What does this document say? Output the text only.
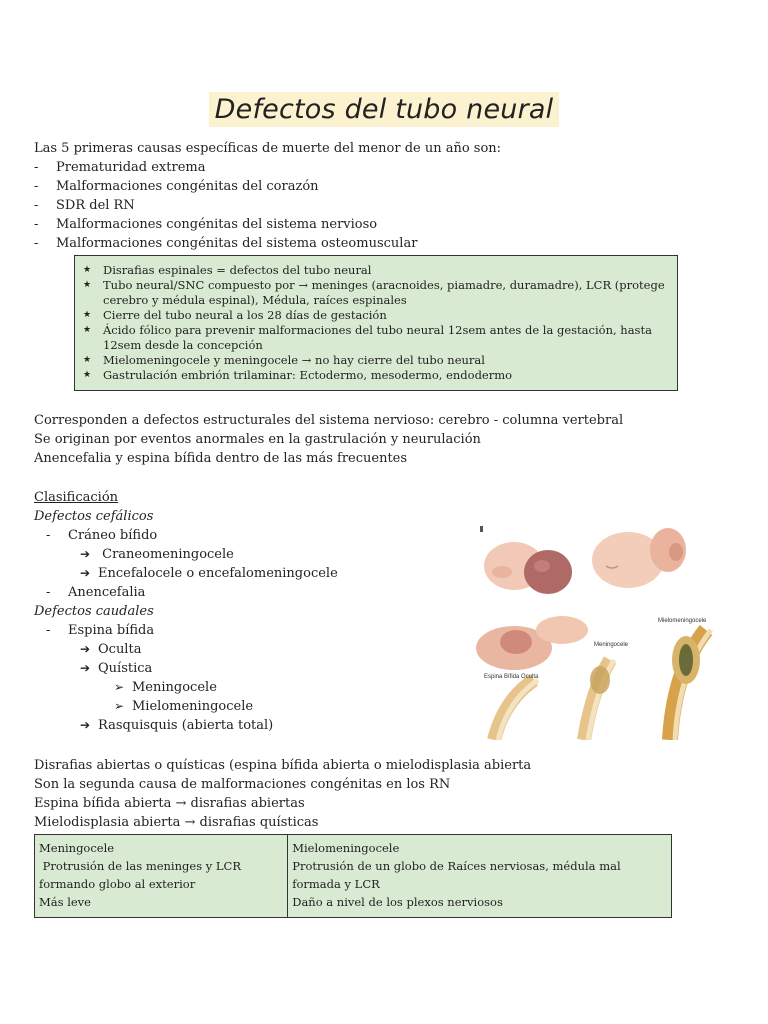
Defectos del tubo neural
Las 5 primeras causas específicas de muerte del menor de un año son:
- Prematuridad extrema
- Malformaciones congénitas del corazón
- SDR del RN
- Malformaciones congénitas del sistema nervioso
- Malformaciones congénitas del sistema osteomuscular
★ Disrafias espinales = defectos del tubo neural
★ Tubo neural/SNC compuesto por → meninges (aracnoides, piamadre, duramadre), LCR (protege cerebro y médula espinal), Médula, raíces espinales
★ Cierre del tubo neural a los 28 días de gestación
★ Ácido fólico para prevenir malformaciones del tubo neural 12sem antes de la gestación, hasta 12sem desde la concepción
★ Mielomeningocele y meningocele → no hay cierre del tubo neural
★ Gastrulación embrión trilaminar: Ectodermo, mesodermo, endodermo
Corresponden a defectos estructurales del sistema nervioso: cerebro - columna vertebral
Se originan por eventos anormales en la gastrulación y neurulación
Anencefalia y espina bífida dentro de las más frecuentes
Clasificación
Defectos cefálicos
- Cráneo bífido
➔ Craneomeningocele
➔ Encefalocele o encefalomeningocele
- Anencefalia
Defectos caudales
- Espina bífida
➔ Oculta
➔ Quística
➢ Meningocele
➢ Mielomeningocele
➔ Rasquisquis (abierta total)
Espina Bífida Oculta
Meningocele
Mielomeningocele
Disrafias abiertas o quísticas (espina bífida abierta o mielodisplasia abierta
Son la segunda causa de malformaciones congénitas en los RN
Espina bífida abierta → disrafias abiertas
Mielodisplasia abierta → disrafias quísticas
Meningocele
Protrusión de las meninges y LCR formando globo al exterior
Más leve
Mielomeningocele
Protrusión de un globo de Raíces nerviosas, médula mal formada y LCR
Daño a nivel de los plexos nerviosos
